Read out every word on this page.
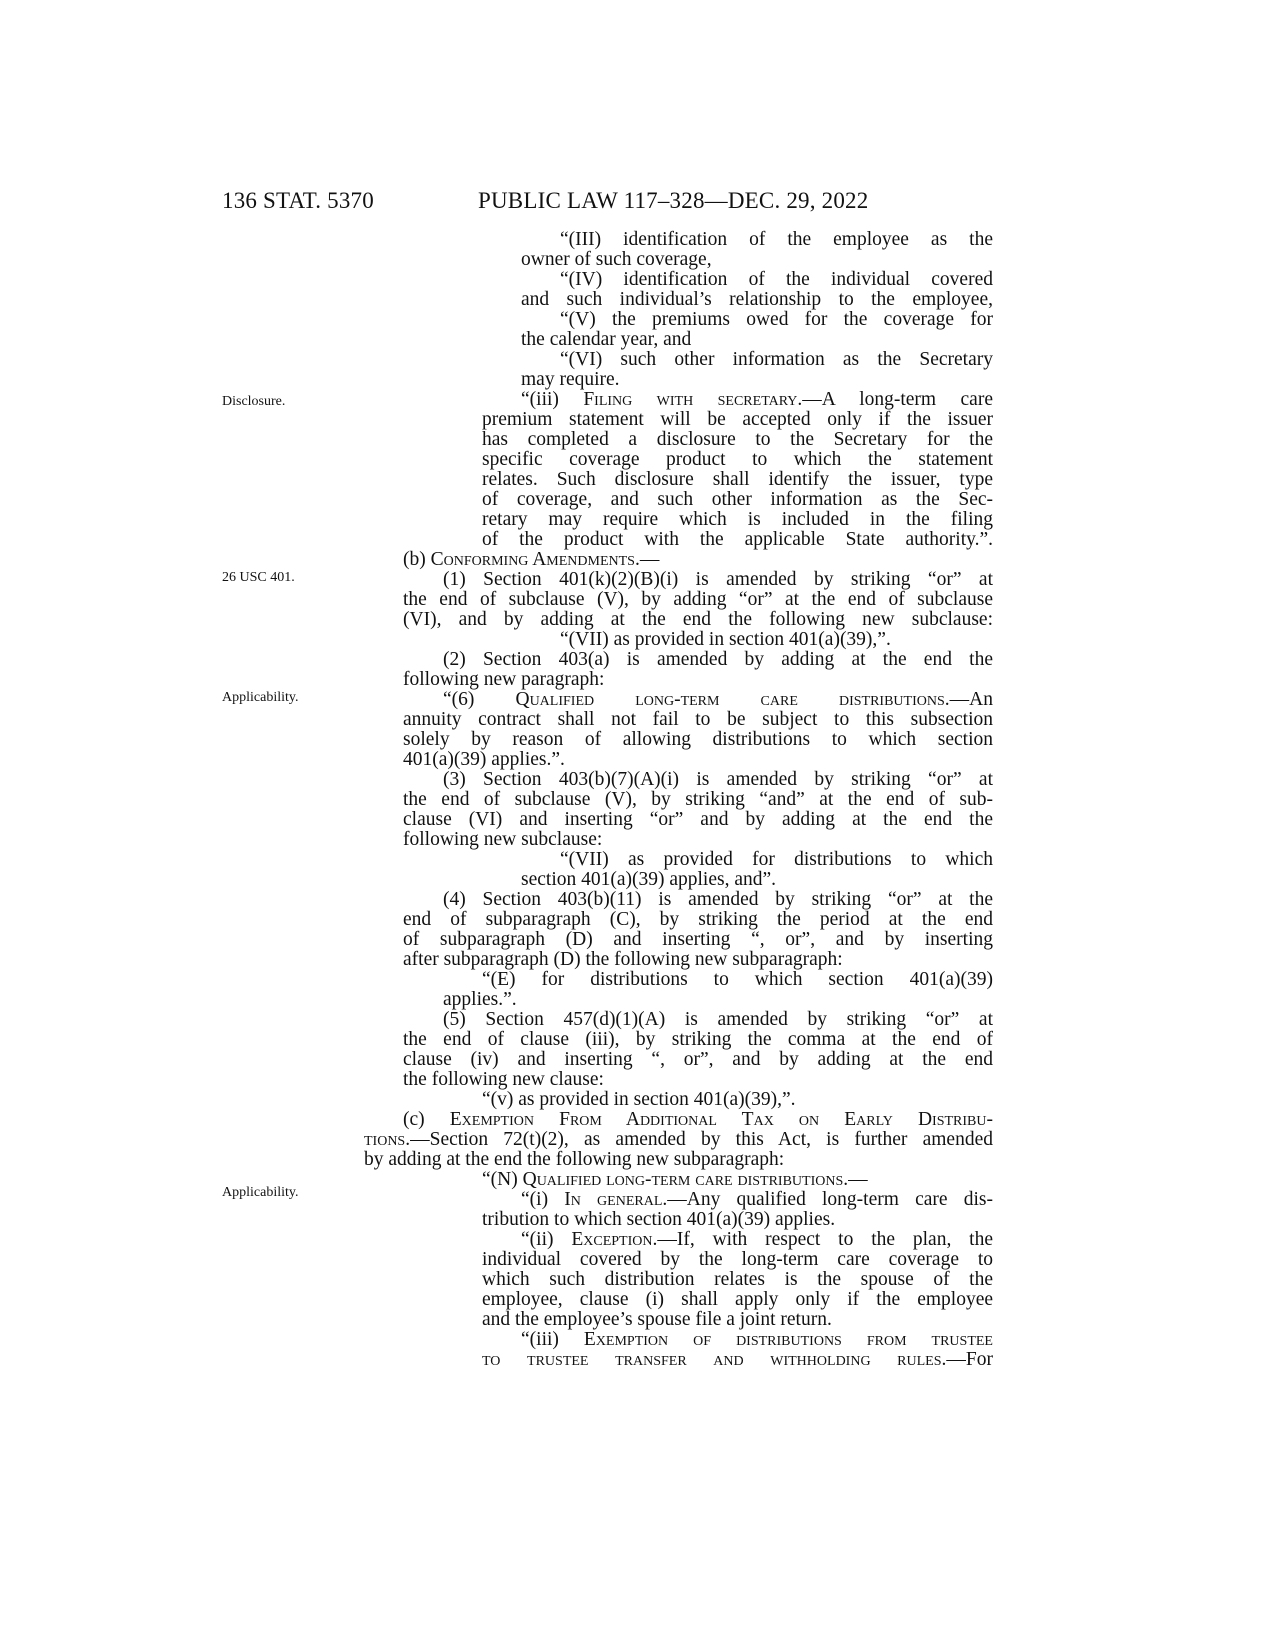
136 STAT. 5370	PUBLIC LAW 117–328—DEC. 29, 2022
Disclosure.
26 USC 401.
Applicability.
Applicability.
“(III) identification of the employee as the
owner of such coverage,
“(IV) identification of the individual covered
and such individual’s relationship to the employee,
“(V) the premiums owed for the coverage for
the calendar year, and
“(VI) such other information as the Secretary
may require.
“(iii) Filing with secretary.—A long-term care
premium statement will be accepted only if the issuer
has completed a disclosure to the Secretary for the
specific coverage product to which the statement
relates. Such disclosure shall identify the issuer, type
of coverage, and such other information as the Sec-
retary may require which is included in the filing
of the product with the applicable State authority.”.
(b) Conforming Amendments.—
(1) Section 401(k)(2)(B)(i) is amended by striking “or” at
the end of subclause (V), by adding “or” at the end of subclause
(VI), and by adding at the end the following new subclause:
“(VII) as provided in section 401(a)(39),”.
(2) Section 403(a) is amended by adding at the end the
following new paragraph:
“(6) Qualified long-term care distributions.—An
annuity contract shall not fail to be subject to this subsection
solely by reason of allowing distributions to which section
401(a)(39) applies.”.
(3) Section 403(b)(7)(A)(i) is amended by striking “or” at
the end of subclause (V), by striking “and” at the end of sub-
clause (VI) and inserting “or” and by adding at the end the
following new subclause:
“(VII) as provided for distributions to which
section 401(a)(39) applies, and”.
(4) Section 403(b)(11) is amended by striking “or” at the
end of subparagraph (C), by striking the period at the end
of subparagraph (D) and inserting “, or”, and by inserting
after subparagraph (D) the following new subparagraph:
“(E) for distributions to which section 401(a)(39)
applies.”.
(5) Section 457(d)(1)(A) is amended by striking “or” at
the end of clause (iii), by striking the comma at the end of
clause (iv) and inserting “, or”, and by adding at the end
the following new clause:
“(v) as provided in section 401(a)(39),”.
(c) Exemption From Additional Tax on Early Distribu-
tions.—Section 72(t)(2), as amended by this Act, is further amended
by adding at the end the following new subparagraph:
“(N) Qualified long-term care distributions.—
“(i) In general.—Any qualified long-term care dis-
tribution to which section 401(a)(39) applies.
“(ii) Exception.—If, with respect to the plan, the
individual covered by the long-term care coverage to
which such distribution relates is the spouse of the
employee, clause (i) shall apply only if the employee
and the employee’s spouse file a joint return.
“(iii) Exemption of distributions from trustee
to trustee transfer and withholding rules.—For
